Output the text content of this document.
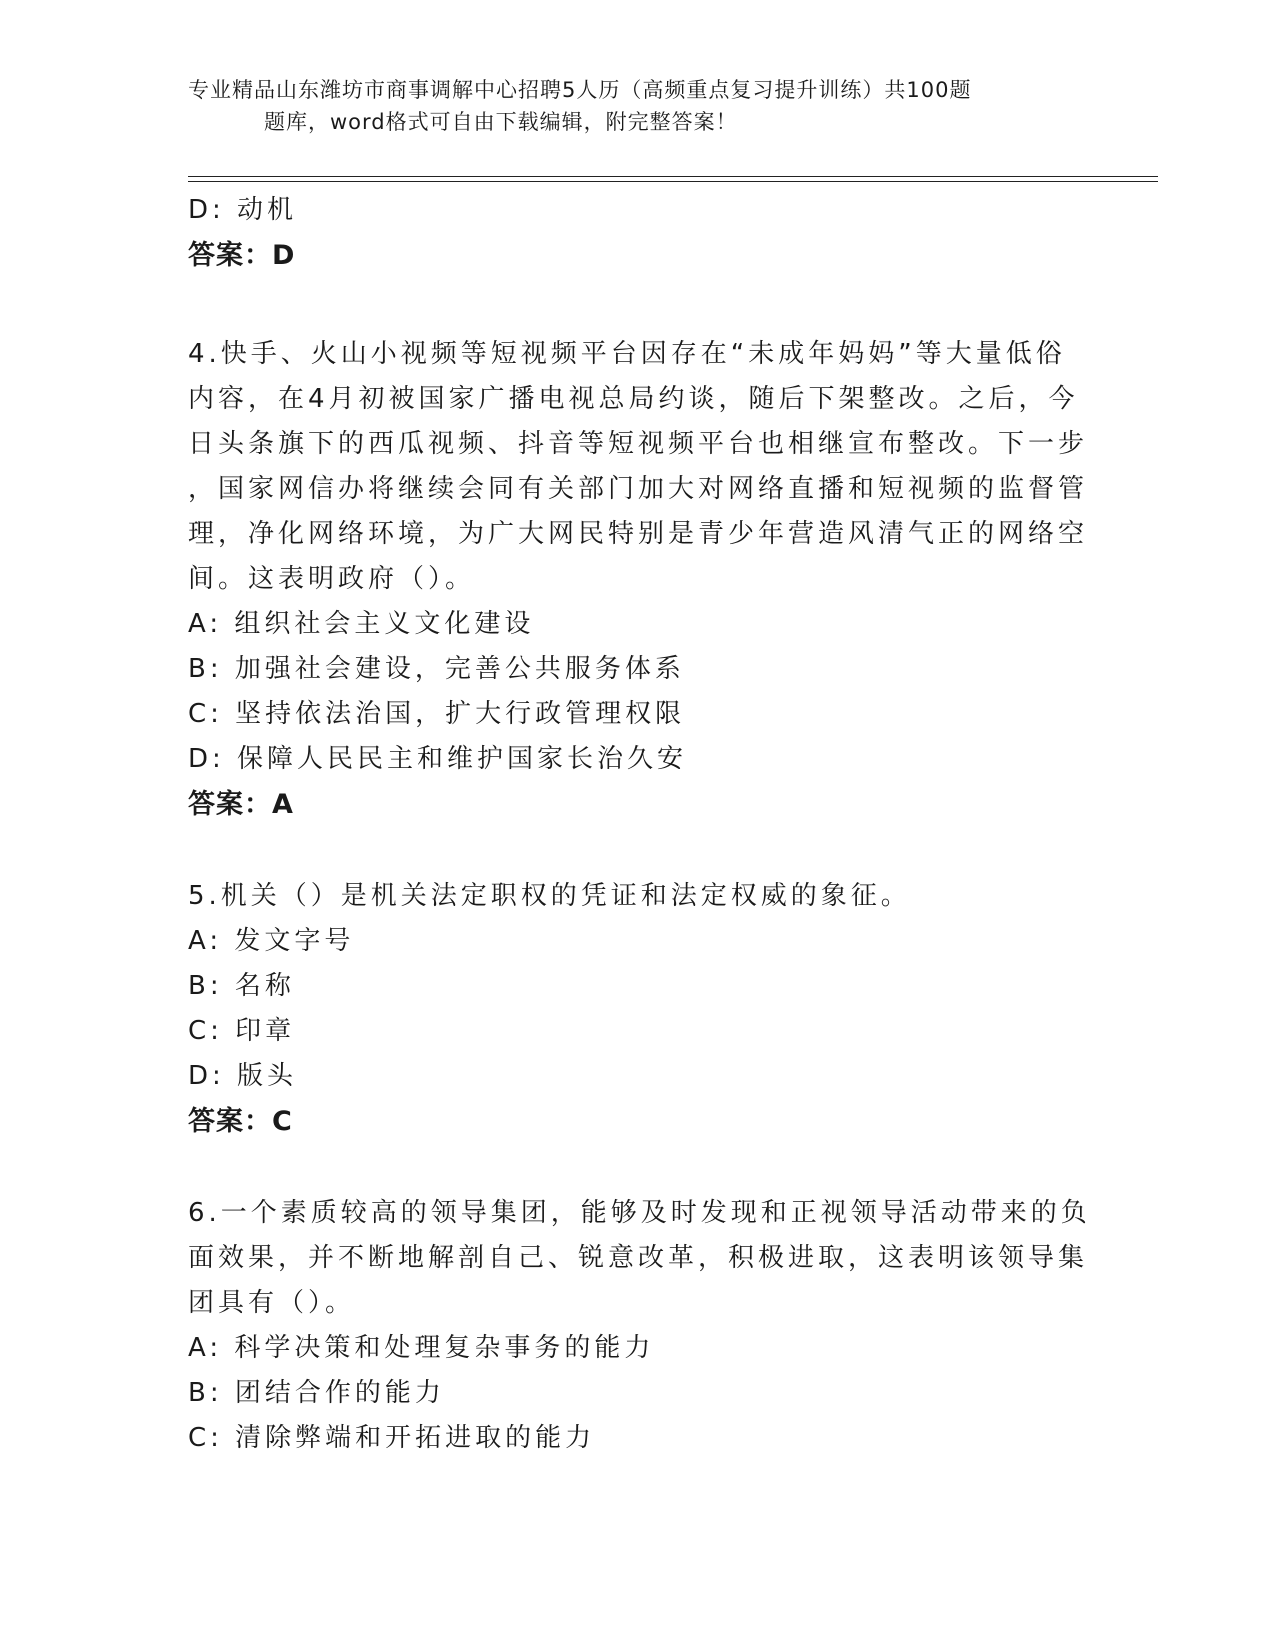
专业精品山东潍坊市商事调解中心招聘5人历（高频重点复习提升训练）共100题
题库，word格式可自由下载编辑，附完整答案！
D: 动机
答案：D
4.快手、火山小视频等短视频平台因存在“未成年妈妈”等大量低俗
内容，在4月初被国家广播电视总局约谈，随后下架整改。之后，今
日头条旗下的西瓜视频、抖音等短视频平台也相继宣布整改。下一步
，国家网信办将继续会同有关部门加大对网络直播和短视频的监督管
理，净化网络环境，为广大网民特别是青少年营造风清气正的网络空
间。这表明政府（）。
A: 组织社会主义文化建设
B: 加强社会建设，完善公共服务体系
C: 坚持依法治国，扩大行政管理权限
D: 保障人民民主和维护国家长治久安
答案：A
5.机关（）是机关法定职权的凭证和法定权威的象征。
A: 发文字号
B: 名称
C: 印章
D: 版头
答案：C
6.一个素质较高的领导集团，能够及时发现和正视领导活动带来的负
面效果，并不断地解剖自己、锐意改革，积极进取，这表明该领导集
团具有（）。
A: 科学决策和处理复杂事务的能力
B: 团结合作的能力
C: 清除弊端和开拓进取的能力
